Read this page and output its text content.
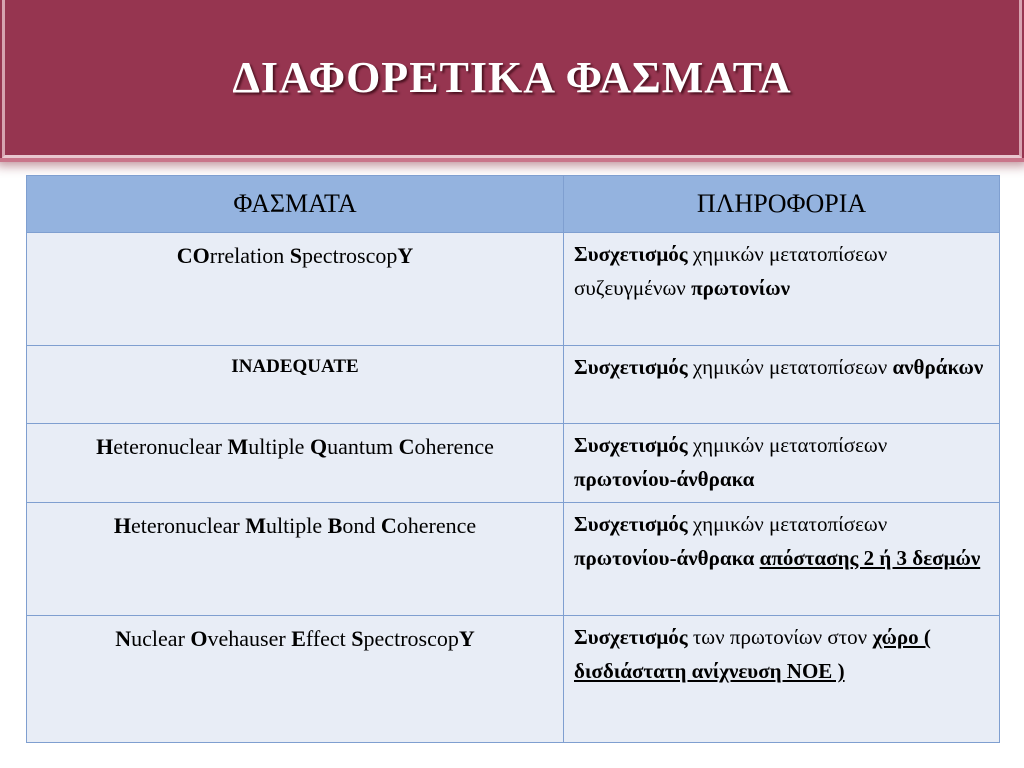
ΔΙΑΦΟΡΕΤΙΚΑ ΦΑΣΜΑΤΑ
ΦΑΣΜΑΤΑ	ΠΛΗΡΟΦΟΡΙΑ
COrrelation SpectroscopY	Συσχετισμός χημικών μετατοπίσεων συζευγμένων πρωτονίων
INADEQUATE	Συσχετισμός χημικών μετατοπίσεων ανθράκων
Heteronuclear Multiple Quantum Coherence	Συσχετισμός χημικών μετατοπίσεων πρωτονίου-άνθρακα
Heteronuclear Multiple Bond Coherence	Συσχετισμός χημικών μετατοπίσεων πρωτονίου-άνθρακα απόστασης 2 ή 3 δεσμών
Nuclear Ovehauser Effect SpectroscopY	Συσχετισμός των πρωτονίων στον χώρο ( δισδιάστατη ανίχνευση NOE )
